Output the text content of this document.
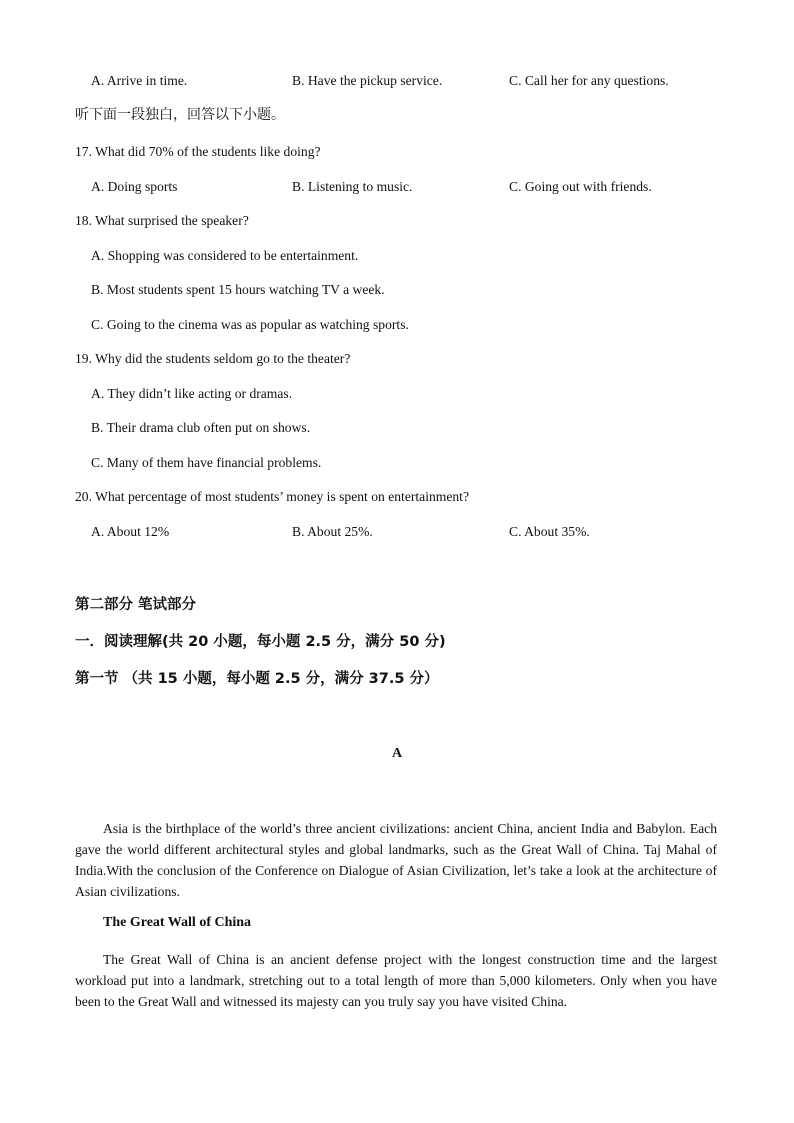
A. Arrive in time.	B. Have the pickup service.	C. Call her for any questions.
听下面一段独白，回答以下小题。
17. What did 70% of the students like doing?
A. Doing sports	B. Listening to music.	C. Going out with friends.
18. What surprised the speaker?
A. Shopping was considered to be entertainment.
B. Most students spent 15 hours watching TV a week.
C. Going to the cinema was as popular as watching sports.
19. Why did the students seldom go to the theater?
A. They didn’t like acting or dramas.
B. Their drama club often put on shows.
C. Many of them have financial problems.
20. What percentage of most students’ money is spent on entertainment?
A. About 12%	B. About 25%.	C. About 35%.
第二部分 笔试部分
一．阅读理解(共 20 小题，每小题 2.5 分，满分 50 分)
第一节 （共 15 小题，每小题 2.5 分，满分 37.5 分）
A
Asia is the birthplace of the world’s three ancient civilizations: ancient China, ancient India and Babylon. Each gave the world different architectural styles and global landmarks, such as the Great Wall of China. Taj Mahal of India.With the conclusion of the Conference on Dialogue of Asian Civilization, let’s take a look at the architecture of Asian civilizations.
The Great Wall of China
The Great Wall of China is an ancient defense project with the longest construction time and the largest workload put into a landmark, stretching out to a total length of more than 5,000 kilometers. Only when you have been to the Great Wall and witnessed its majesty can you truly say you have visited China.
